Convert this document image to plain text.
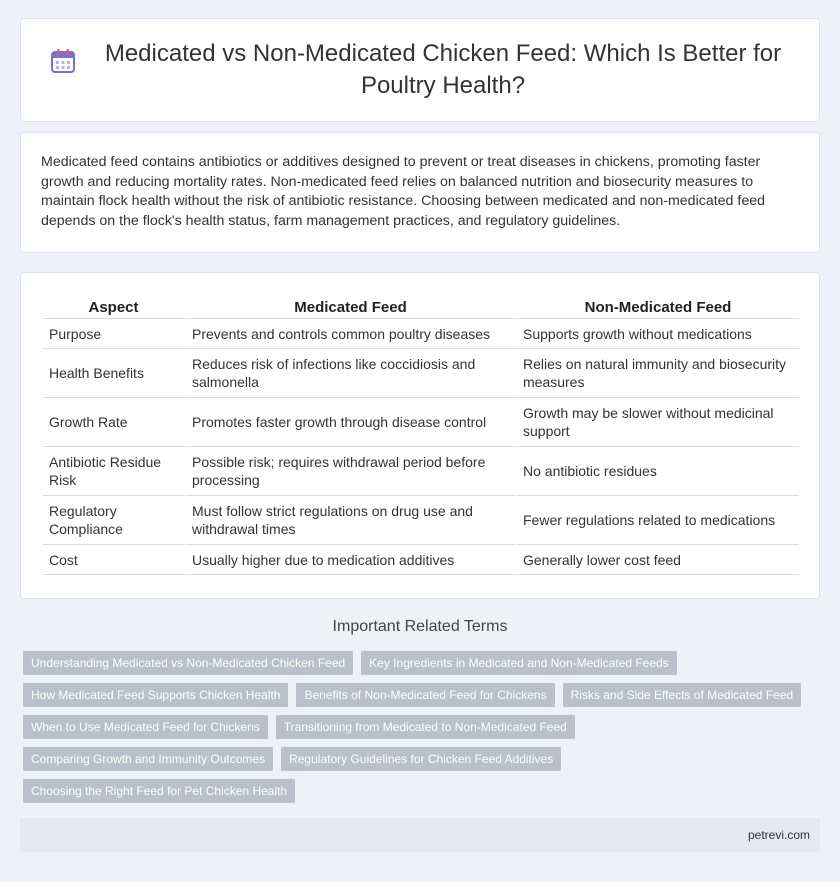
Medicated vs Non-Medicated Chicken Feed: Which Is Better for Poultry Health?

Medicated feed contains antibiotics or additives designed to prevent or treat diseases in chickens, promoting faster growth and reducing mortality rates. Non-medicated feed relies on balanced nutrition and biosecurity measures to maintain flock health without the risk of antibiotic resistance. Choosing between medicated and non-medicated feed depends on the flock's health status, farm management practices, and regulatory guidelines.

Aspect	Medicated Feed	Non-Medicated Feed
Purpose	Prevents and controls common poultry diseases	Supports growth without medications
Health Benefits	Reduces risk of infections like coccidiosis and salmonella	Relies on natural immunity and biosecurity measures
Growth Rate	Promotes faster growth through disease control	Growth may be slower without medicinal support
Antibiotic Residue Risk	Possible risk; requires withdrawal period before processing	No antibiotic residues
Regulatory Compliance	Must follow strict regulations on drug use and withdrawal times	Fewer regulations related to medications
Cost	Usually higher due to medication additives	Generally lower cost feed
Important Related Terms
Understanding Medicated vs Non-Medicated Chicken Feed	Key Ingredients in Medicated and Non-Medicated Feeds
How Medicated Feed Supports Chicken Health	Benefits of Non-Medicated Feed for Chickens	Risks and Side Effects of Medicated Feed
When to Use Medicated Feed for Chickens	Transitioning from Medicated to Non-Medicated Feed
Comparing Growth and Immunity Outcomes	Regulatory Guidelines for Chicken Feed Additives
Choosing the Right Feed for Pet Chicken Health
petrevi.com
